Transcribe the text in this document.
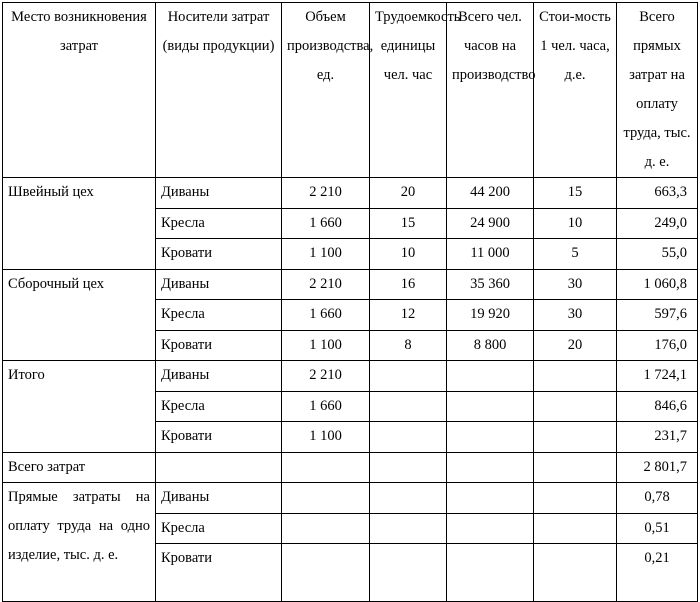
Место возникновения затрат	Носители затрат (виды продукции)	Объем производства, ед.	Трудоемкость единицы чел. час	Всего чел. часов на производство	Стои-мость 1 чел. часа, д.е.	Всего прямых затрат на оплату труда, тыс. д. е.
Швейный цех	Диваны	2 210	20	44 200	15	663,3
	Кресла	1 660	15	24 900	10	249,0
	Кровати	1 100	10	11 000	5	55,0
Сборочный цех	Диваны	2 210	16	35 360	30	1 060,8
	Кресла	1 660	12	19 920	30	597,6
	Кровати	1 100	8	8 800	20	176,0
Итого	Диваны	2 210				1 724,1
	Кресла	1 660				846,6
	Кровати	1 100				231,7
Всего затрат						2 801,7
Прямые затраты на оплату труда на одно изделие, тыс. д. е.	Диваны					0,78
	Кресла					0,51
	Кровати					0,21
